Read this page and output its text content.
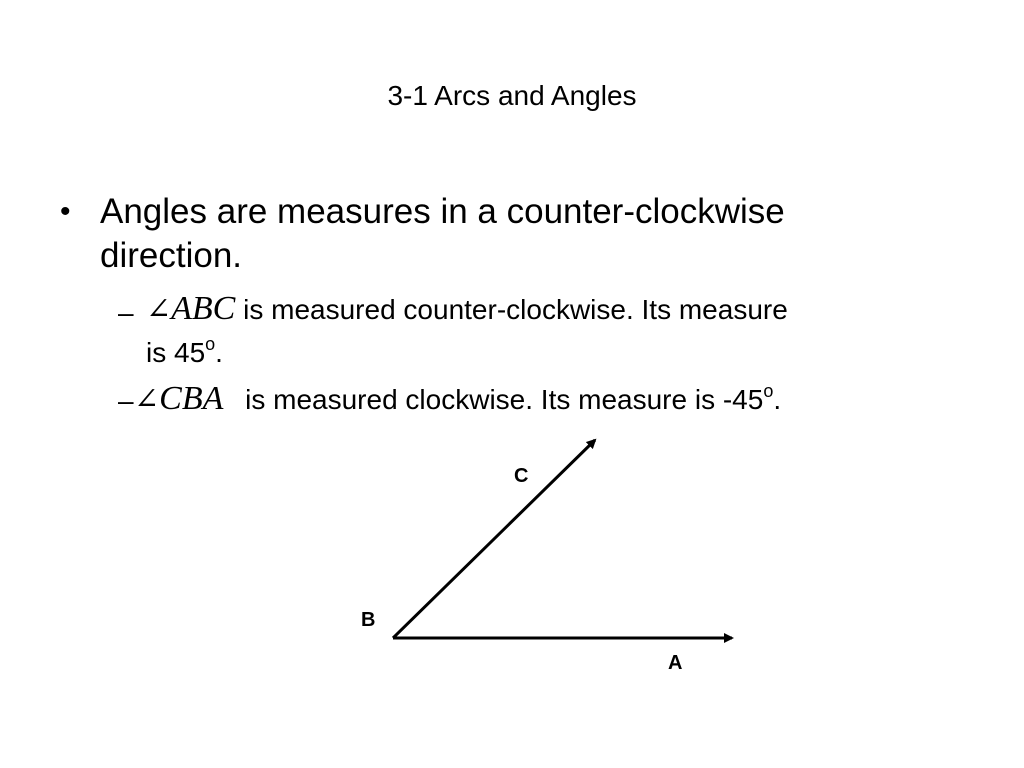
3-1 Arcs and Angles
• Angles are measures in a counter-clockwise direction.
– ∠ABC is measured counter-clockwise. Its measure
is 45$^o$.
– ∠CBA is measured clockwise. Its measure is -45$^o$.
C
B
A
